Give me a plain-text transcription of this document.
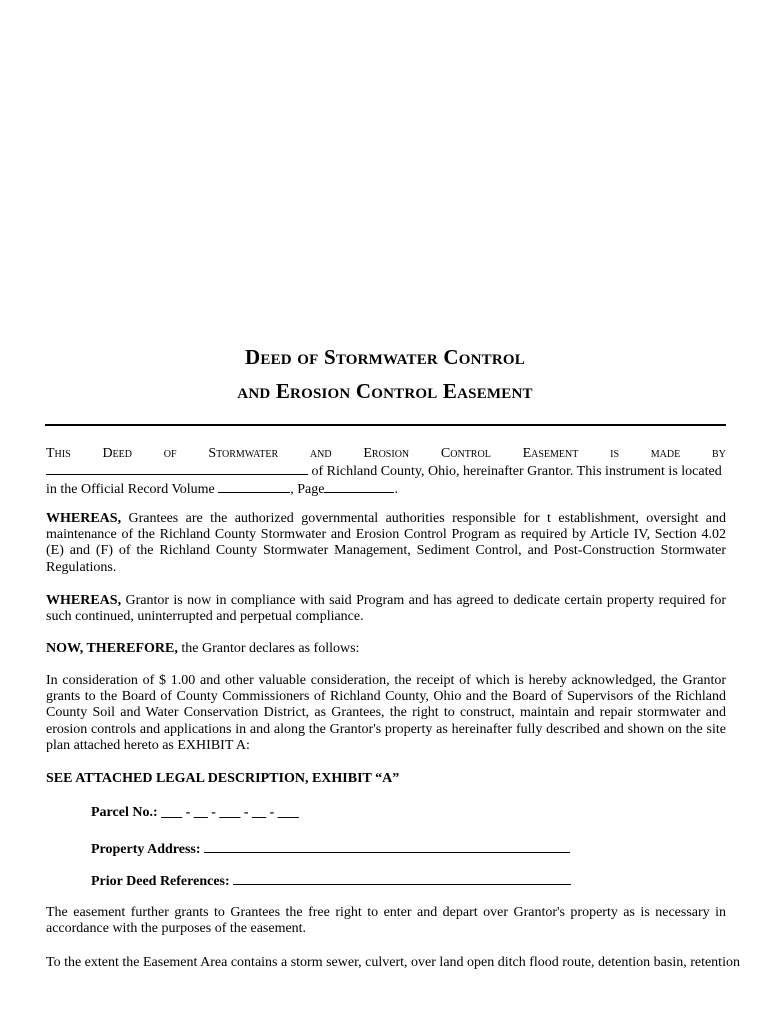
Deed of Stormwater Control
and Erosion Control Easement
This Deed of Stormwater and Erosion Control Easement is made by
of Richland County, Ohio, hereinafter Grantor. This instrument is located
in the Official Record Volume	, Page	.
WHEREAS, Grantees are the authorized governmental authorities responsible for t establishment, oversight and maintenance of the Richland County Stormwater and Erosion Control Program as required by Article IV, Section 4.02 (E) and (F) of the Richland County Stormwater Management, Sediment Control, and Post-Construction Stormwater Regulations.
WHEREAS, Grantor is now in compliance with said Program and has agreed to dedicate certain property required for such continued, uninterrupted and perpetual compliance.
NOW, THEREFORE, the Grantor declares as follows:
In consideration of $ 1.00 and other valuable consideration, the receipt of which is hereby acknowledged, the Grantor grants to the Board of County Commissioners of Richland County, Ohio and the Board of Supervisors of the Richland County Soil and Water Conservation District, as Grantees, the right to construct, maintain and repair stormwater and erosion controls and applications in and along the Grantor's property as hereinafter fully described and shown on the site plan attached hereto as EXHIBIT A:
SEE ATTACHED LEGAL DESCRIPTION, EXHIBIT “A”
Parcel No.: ___ - __ - ___ - __ - ___
Property Address:
Prior Deed References:
The easement further grants to Grantees the free right to enter and depart over Grantor's property as is necessary in accordance with the purposes of the easement.
To the extent the Easement Area contains a storm sewer, culvert, over land open ditch flood route, detention basin, retention
